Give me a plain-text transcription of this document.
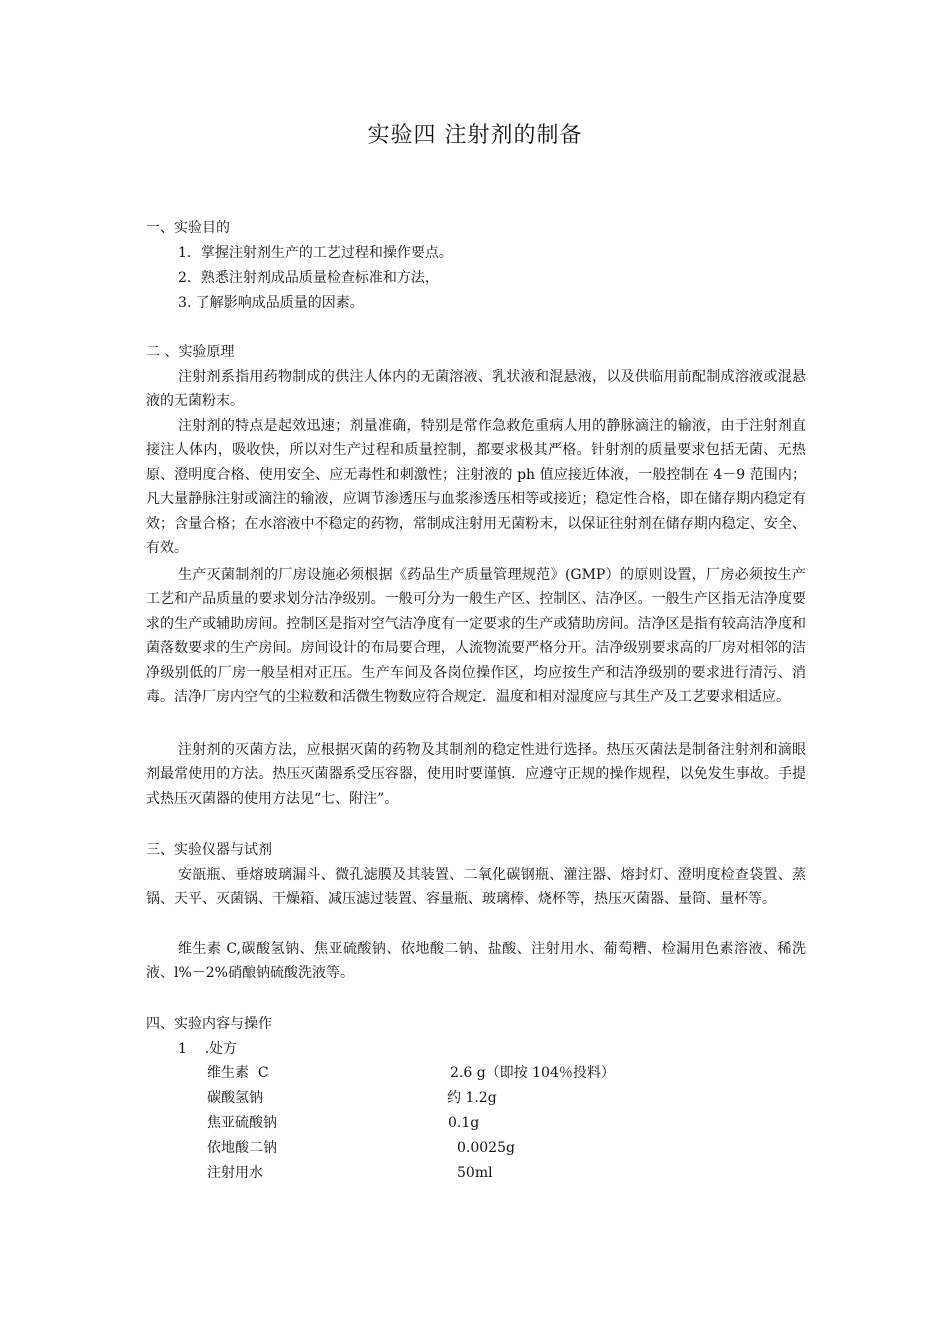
实验四 注射剂的制备
一、实验目的
1．掌握注射剂生产的工艺过程和操作要点。
2．熟悉注射剂成品质量检查标准和方法，
3. 了解影响成品质量的因素。
二 、实验原理
注射剂系指用药物制成的供注人体内的无菌溶液、乳状液和混悬液，以及供临用前配制成溶液或混悬液的无菌粉末。
注射剂的特点是起效迅速；剂量准确，特别是常作急救危重病人用的静脉滴注的输液，由于注射剂直接注人体内，吸收快，所以对生产过程和质量控制，都要求极其严格。针射剂的质量要求包括无菌、无热原、澄明度合格、使用安全、应无毒性和刺激性；注射液的 ph 值应接近体液，一般控制在 4－9 范围内；凡大量静脉注射或滴注的输液，应调节渗透压与血浆渗透压相等或接近；稳定性合格，即在储存期内稳定有效；含量合格；在水溶液中不稳定的药物，常制成注射用无菌粉末，以保证往射剂在储存期内稳定、安全、有效。
生产灭菌制剂的厂房设施必须根据《药品生产质量管理规范》(GMP）的原则设置，厂房必须按生产工艺和产品质量的要求划分沽净级别。一般可分为一般生产区、控制区、洁净区。一般生产区指无洁净度要求的生产或辅助房间。控制区是指对空气洁净度有一定要求的生产或猜助房间。洁净区是指有较高洁净度和菌落数要求的生产房间。房间设计的布局要合理，人流物流要严格分开。洁净级别要求高的厂房对相邻的洁净级别低的厂房一般呈相对正压。生产车间及各岗位操作区，均应按生产和洁净级别的要求进行清污、消毒。洁净厂房内空气的尘粒数和活微生物数应符合规定．温度和相对湿度应与其生产及工艺要求相适应。
注射剂的灭菌方法，应根据灭菌的药物及其制剂的稳定性进行选择。热压灭菌法是制备注射剂和滴眼剂最常使用的方法。热压灭菌器系受压容器，使用时要谨慎．应遵守正规的操作规程，以免发生事故。手提式热压灭菌器的使用方法见“七、附注”。
三、实验仪器与试剂
安瓿瓶、垂熔玻璃漏斗、微孔滤膜及其装置、二氧化碳钢瓶、灌注器、熔封灯、澄明度检查袋置、蒸锅、天平、灭菌锅、干燥箱、减压滤过装置、容量瓶、玻璃棒、烧杯等，热压灭菌器、量筒、量杯等。
维生素 C,碳酸氢钠、焦亚硫酸钠、依地酸二钠、盐酸、注射用水、葡萄糟、检漏用色素溶液、稀洗液、l%－2%硝酿钠硫酸洗液等。
四、实验内容与操作
1    .处方
维生素  C	2.6 g（即按 104％投料）
碳酸氢钠	约 1.2g
焦亚硫酸钠	0.1g
依地酸二钠	0.0025g
注射用水	50ml
